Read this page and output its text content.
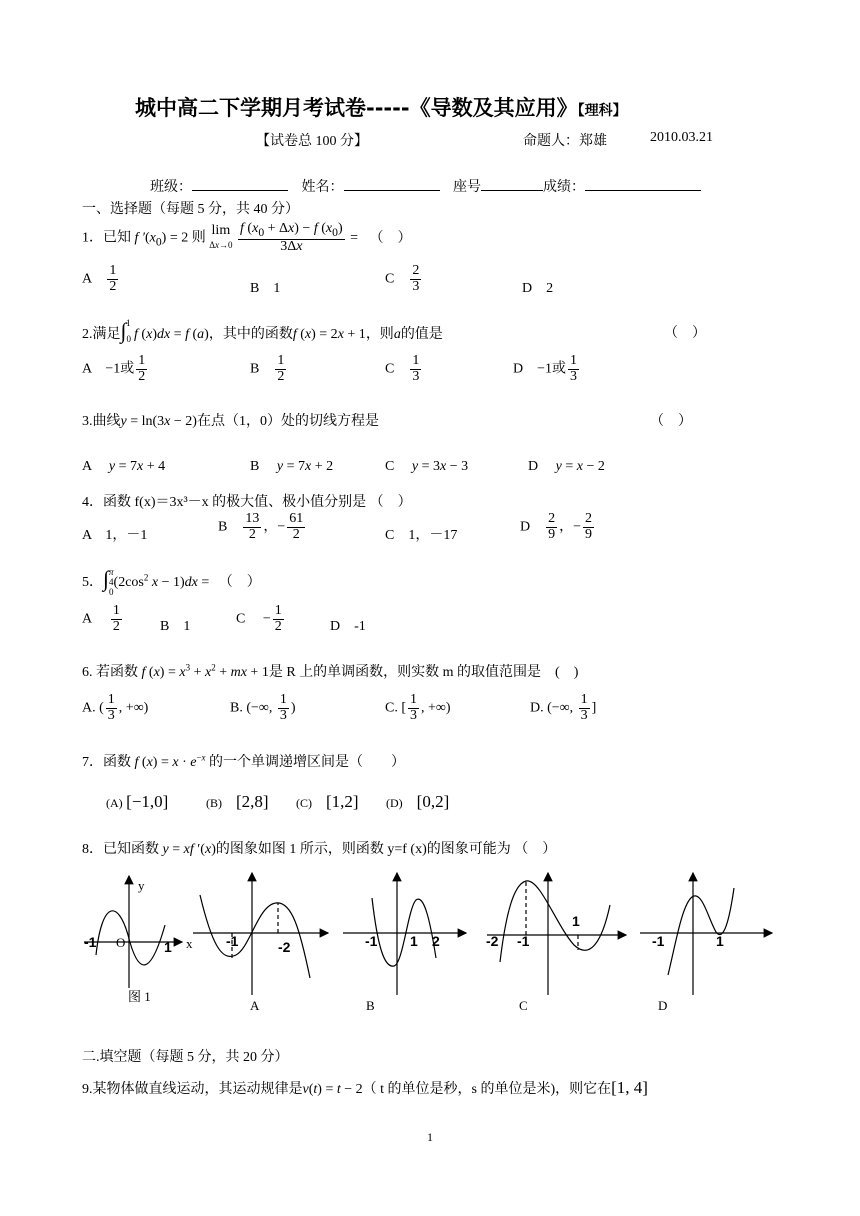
城中高二下学期月考试卷-----《导数及其应用》【理科】
【试卷总 100 分】	命题人：郑雄	2010.03.21
班级：	姓名：	座号	成绩：
一、选择题（每题 5 分，共 40 分）
1．已知 f $'(x_0) = 2$ 则 lim
$\Delta x\to 0 \frac{f (x_0 + \Delta x) - f (x_0)}{3\Delta x}$ = （　）
A　 $\frac{1}{2}$	B　1
C　 $\frac{2}{3}$	D　2
2.满足∫
$0^1$ f (x)dx = f (a)，其中的函数f (x) = 2x + 1，则a的值是	（　）
A　−1或 $\frac{1}{2}$	B　 $\frac{1}{2}$	C　 $\frac{1}{3}$	D　−1或 $\frac{1}{3}$
3.曲线y = ln(3x − 2)在点（1，0）处的切线方程是	（　）
A　 y = 7x + 4	B　 y = 7x + 2	C　 y = 3x − 3	D　 y = x − 2
4．函数 f(x)＝3x³－x 的极大值、极小值分别是 （　）
A　1，－1
B　 $\frac{13}{2}$ ，− $\frac{61}{2}$	C　1，－17
D　 $\frac{2}{9}$ ，− $\frac{2}{9}$
5．∫π
4
$0(2\cos^2$ x − 1)dx = （　）
A　 $\frac{1}{2}$	B　1
C　 − $\frac{1}{2}$	D　-1
6. 若函数 f $(x) = x^3 + x^2$ + mx + 1是 R 上的单调函数，则实数 m 的取值范围是　(　)
A. ( $\frac{1}{3}$ , +∞)	B. (−∞, $\frac{1}{3}$ )	C. [ $\frac{1}{3}$ , +∞)	D. (−∞, $\frac{1}{3}$ ]
7．函数 f $(x) = x \cdot e^{-x}$ 的一个单调递增区间是（　　）
(A) [−1,0]	(B)　 [2,8] (C)　 [1,2] (D)　 [0,2]
8．已知函数 y = xf ′(x)的图象如图 1 所示，则函数 y=f (x)的图象可能为 （　）
y
x
O
图 1
A	B	C	D
-1	1	-1	-2	-1 1 2	-2 -1
1
-1	1
二.填空题（每题 5 分，共 20 分）
9.某物体做直线运动，其运动规律是v(t) = t − 2（ t 的单位是秒，s 的单位是米)，则它在[1, 4]
1
